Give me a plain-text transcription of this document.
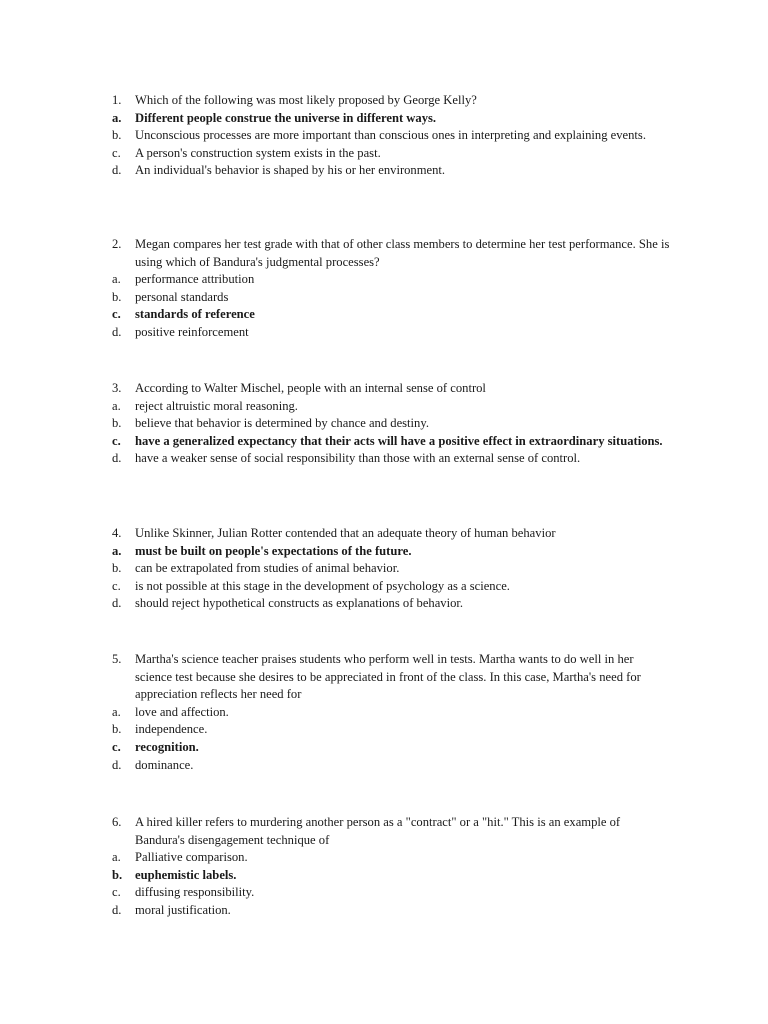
1.	Which of the following was most likely proposed by George Kelly?
a.	Different people construe the universe in different ways.
b.	Unconscious processes are more important than conscious ones in interpreting and explaining events.
c.	A person's construction system exists in the past.
d.	An individual's behavior is shaped by his or her environment.
2.	Megan compares her test grade with that of other class members to determine her test performance. She is using which of Bandura's judgmental processes?
a.	performance attribution
b.	personal standards
c.	standards of reference
d.	positive reinforcement
3.	According to Walter Mischel, people with an internal sense of control
a.	reject altruistic moral reasoning.
b.	believe that behavior is determined by chance and destiny.
c.	have a generalized expectancy that their acts will have a positive effect in extraordinary situations.
d.	have a weaker sense of social responsibility than those with an external sense of control.
4.	Unlike Skinner, Julian Rotter contended that an adequate theory of human behavior
a.	must be built on people's expectations of the future.
b.	can be extrapolated from studies of animal behavior.
c.	is not possible at this stage in the development of psychology as a science.
d.	should reject hypothetical constructs as explanations of behavior.
5.	Martha's science teacher praises students who perform well in tests. Martha wants to do well in her science test because she desires to be appreciated in front of the class. In this case, Martha's need for appreciation reflects her need for
a.	love and affection.
b.	independence.
c.	recognition.
d.	dominance.
6.	A hired killer refers to murdering another person as a "contract" or a "hit." This is an example of Bandura's disengagement technique of
a.	Palliative comparison.
b.	euphemistic labels.
c.	diffusing responsibility.
d.	moral justification.
